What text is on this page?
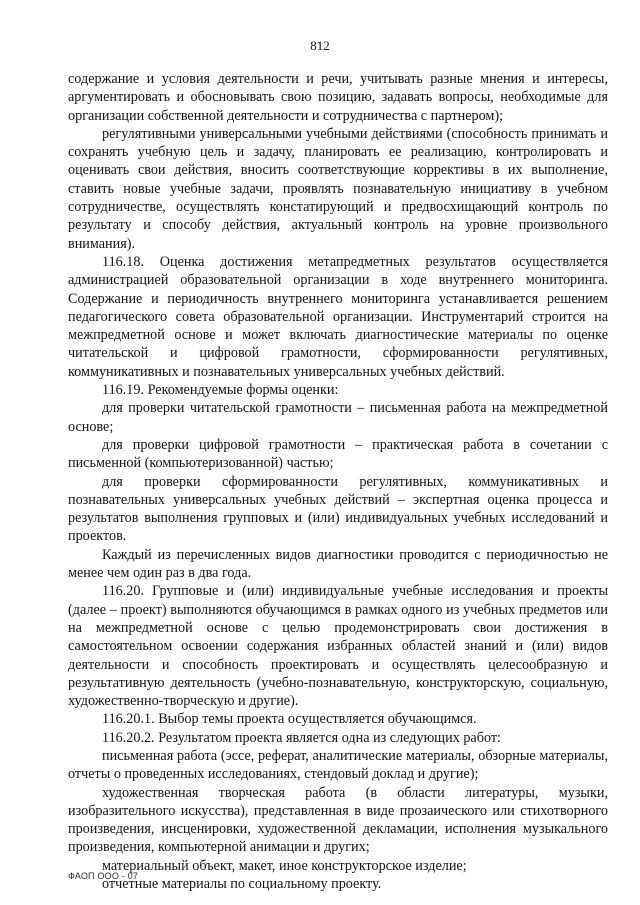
812

содержание и условия деятельности и речи, учитывать разные мнения и интересы, аргументировать и обосновывать свою позицию, задавать вопросы, необходимые для организации собственной деятельности и сотрудничества с партнером);

регулятивными универсальными учебными действиями (способность принимать и сохранять учебную цель и задачу, планировать ее реализацию, контролировать и оценивать свои действия, вносить соответствующие коррективы в их выполнение, ставить новые учебные задачи, проявлять познавательную инициативу в учебном сотрудничестве, осуществлять констатирующий и предвосхищающий контроль по результату и способу действия, актуальный контроль на уровне произвольного внимания).

116.18. Оценка достижения метапредметных результатов осуществляется администрацией образовательной организации в ходе внутреннего мониторинга. Содержание и периодичность внутреннего мониторинга устанавливается решением педагогического совета образовательной организации. Инструментарий строится на межпредметной основе и может включать диагностические материалы по оценке читательской и цифровой грамотности, сформированности регулятивных, коммуникативных и познавательных универсальных учебных действий.

116.19. Рекомендуемые формы оценки:

для проверки читательской грамотности – письменная работа на межпредметной основе;

для проверки цифровой грамотности – практическая работа в сочетании с письменной (компьютеризованной) частью;

для проверки сформированности регулятивных, коммуникативных и познавательных универсальных учебных действий – экспертная оценка процесса и результатов выполнения групповых и (или) индивидуальных учебных исследований и проектов.

Каждый из перечисленных видов диагностики проводится с периодичностью не менее чем один раз в два года.

116.20. Групповые и (или) индивидуальные учебные исследования и проекты (далее – проект) выполняются обучающимся в рамках одного из учебных предметов или на межпредметной основе с целью продемонстрировать свои достижения в самостоятельном освоении содержания избранных областей знаний и (или) видов деятельности и способность проектировать и осуществлять целесообразную и результативную деятельность (учебно-познавательную, конструкторскую, социальную, художественно-творческую и другие).

116.20.1. Выбор темы проекта осуществляется обучающимся.

116.20.2. Результатом проекта является одна из следующих работ:

письменная работа (эссе, реферат, аналитические материалы, обзорные материалы, отчеты о проведенных исследованиях, стендовый доклад и другие);

художественная творческая работа (в области литературы, музыки, изобразительного искусства), представленная в виде прозаического или стихотворного произведения, инсценировки, художественной декламации, исполнения музыкального произведения, компьютерной анимации и других;

материальный объект, макет, иное конструкторское изделие;

отчетные материалы по социальному проекту.

ФАОП ООО - 07
